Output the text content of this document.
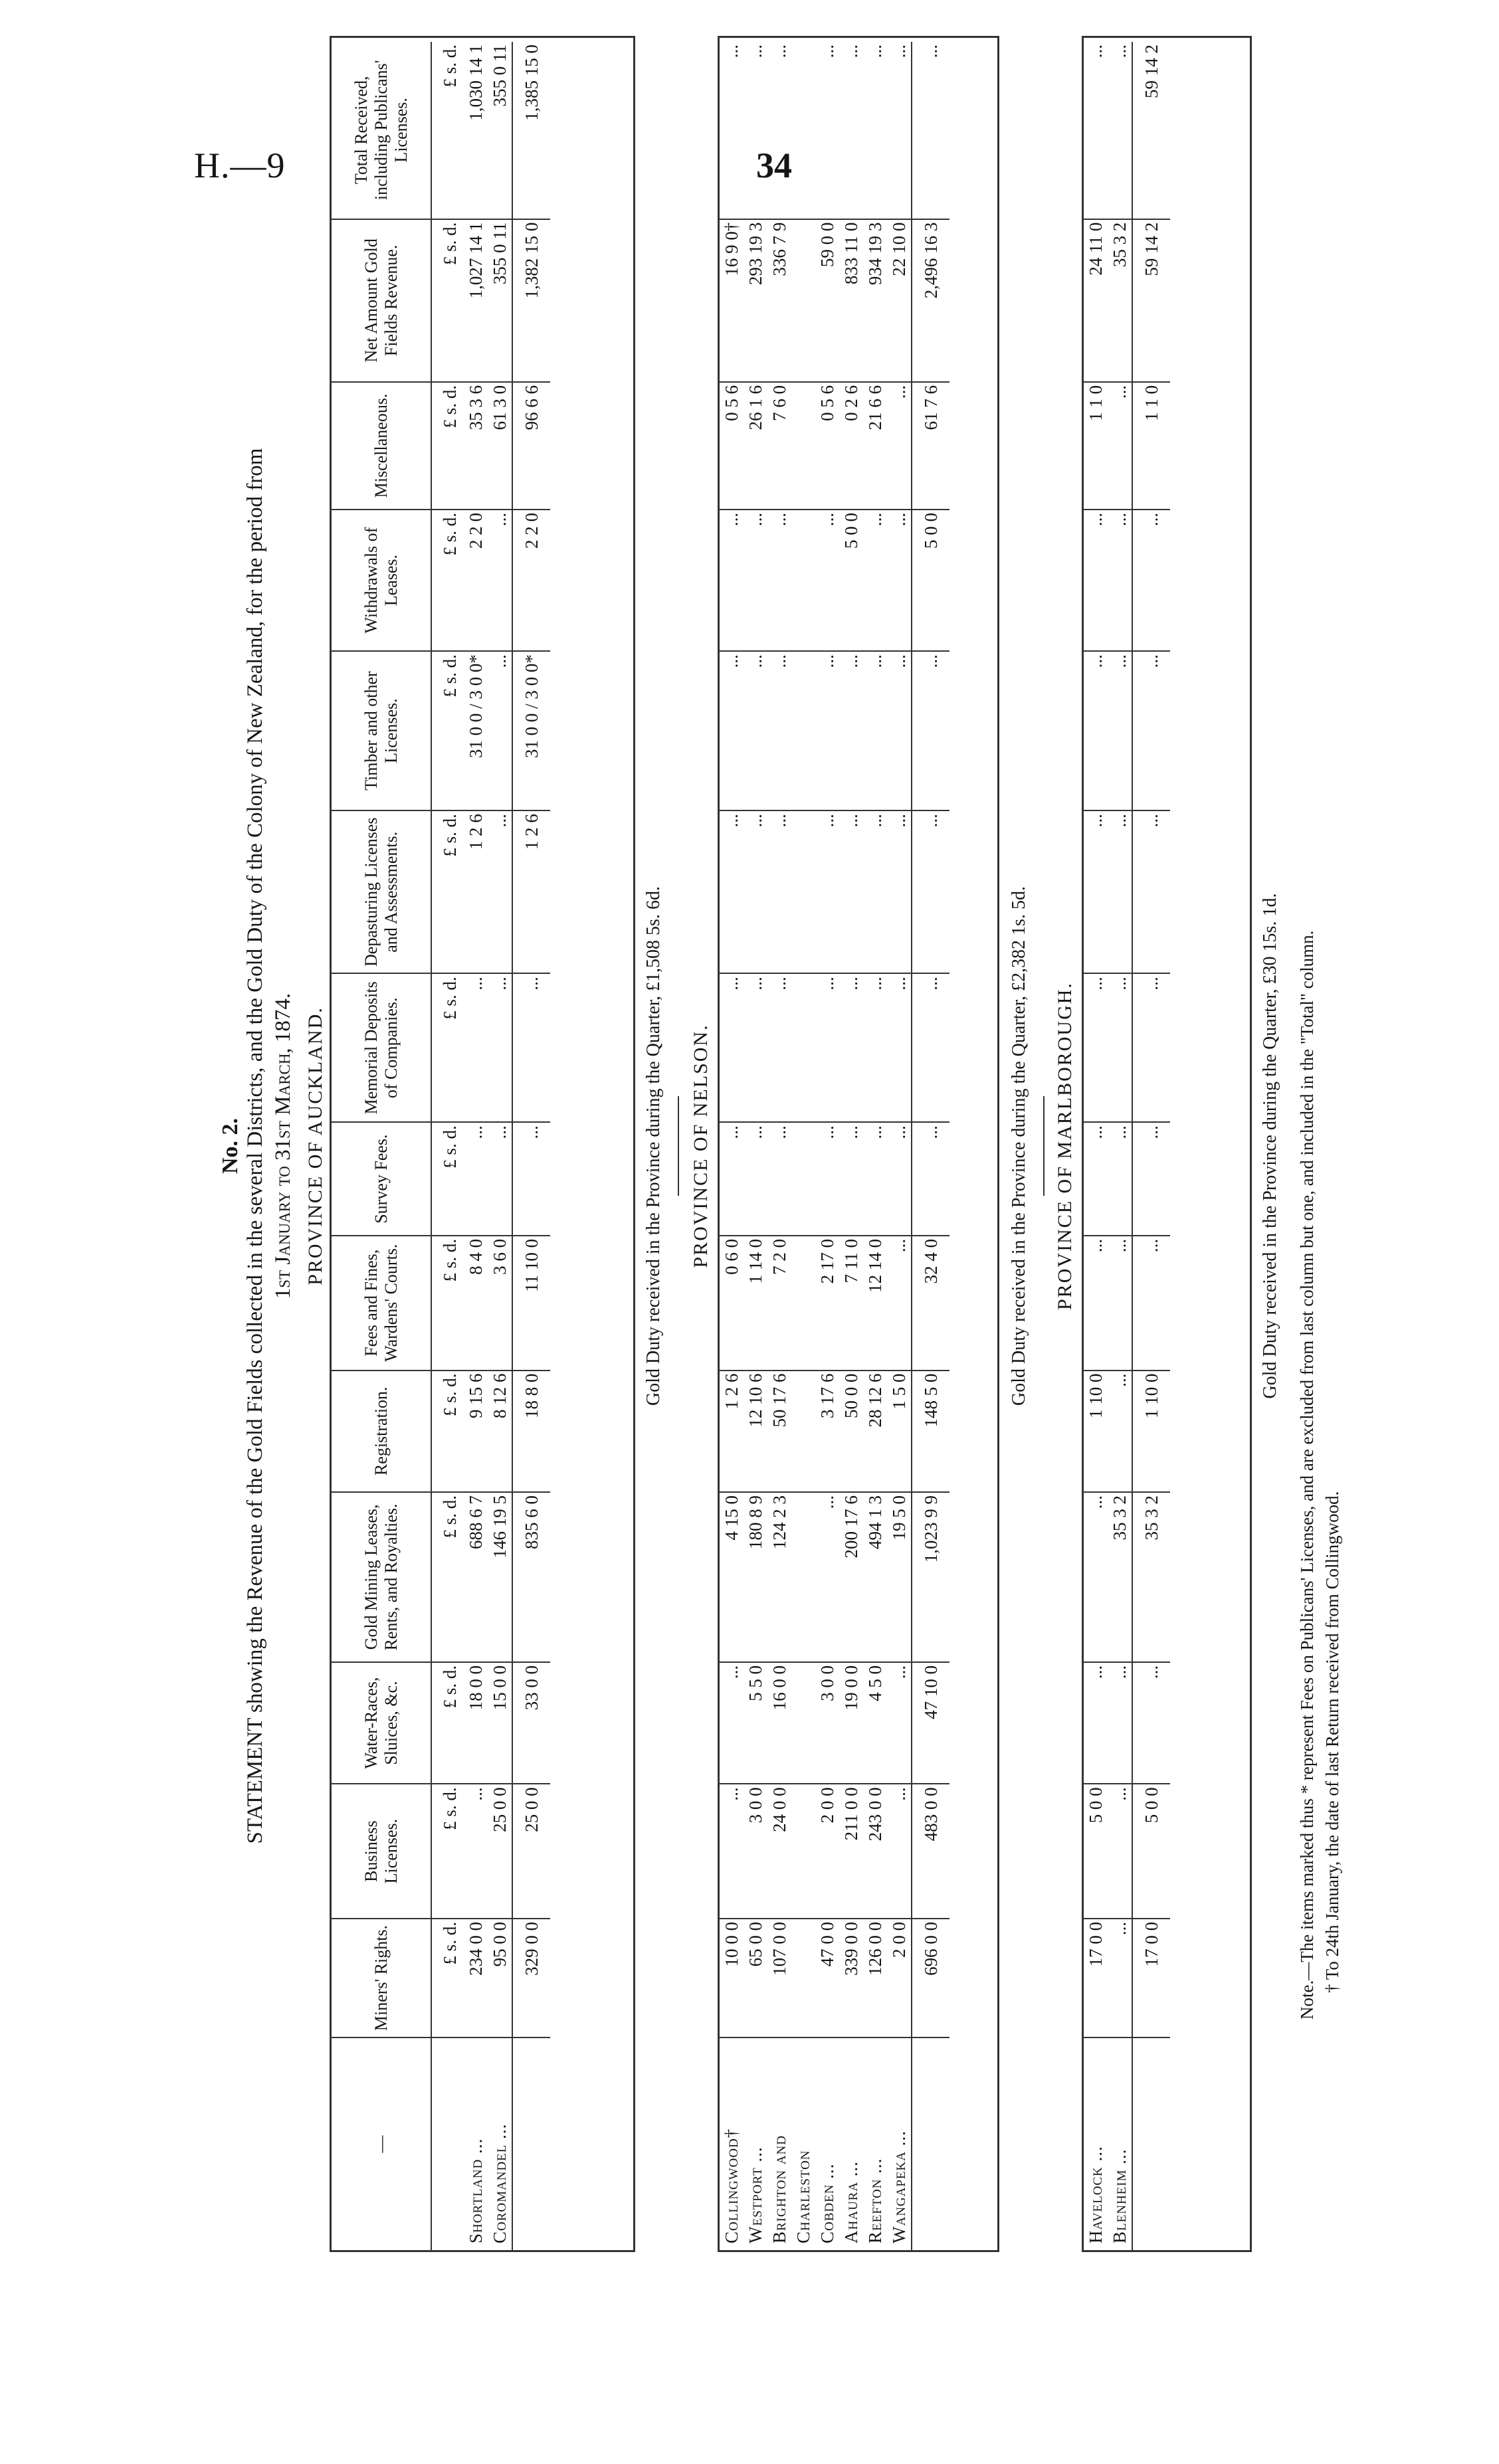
H.—9	34
No. 2. STATEMENT showing the Revenue of the Gold Fields collected in the several Districts, and the Gold Duty of the Colony of New Zealand, for the period from 1st January to 31st March, 1874. PROVINCE OF AUCKLAND.
—	Miners' Rights.	Business Licenses.	Water-Races, Sluices, &c.	Gold Mining Leases, Rents, and Royalties.	Registration.	Fees and Fines, Wardens' Courts.	Survey Fees.	Memorial Deposits of Companies.	Depasturing Licenses and Assessments.	Timber and other Licenses.	Withdrawals of Leases.	Miscellaneous.	Net Amount Gold Fields Revenue.	Total Received, including Publicans' Licenses.
	£ s. d.	£ s. d.	£ s. d.	£ s. d.	£ s. d.	£ s. d.	£ s. d.	£ s. d.	£ s. d.	£ s. d.	£ s. d.	£ s. d.	£ s. d.	£ s. d.
Shortland ...	234 0 0	...	18 0 0	688 6 7	9 15 6	8 4 0	...	...	1 2 6	31 0 0 / 3 0 0*	2 2 0	35 3 6	1,027 14 1	1,030 14 1
Coromandel ...	95 0 0	25 0 0	15 0 0	146 19 5	8 12 6	3 6 0	...	...	...	...	...	61 3 0	355 0 11	355 0 11

	329 0 0	25 0 0	33 0 0	835 6 0	18 8 0	11 10 0	...	...	1 2 6	31 0 0 / 3 0 0*	2 2 0	96 6 6	1,382 15 0	1,385 15 0
Gold Duty received in the Province during the Quarter, £1,508 5s. 6d. PROVINCE OF NELSON.
Collingwood†	10 0 0	...	...	4 15 0	1 2 6	0 6 0	...	...	...	...	...	0 5 6	16 9 0†	...
Westport ...	65 0 0	3 0 0	5 5 0	180 8 9	12 10 6	1 14 0	...	...	...	...	...	26 1 6	293 19 3	...
Brighton and	107 0 0	24 0 0	16 0 0	124 2 3	50 17 6	7 2 0	...	...	...	...	...	7 6 0	336 7 9	...
Charleston														
Cobden ...	47 0 0	2 0 0	3 0 0	...	3 17 6	2 17 0	...	...	...	...	...	0 5 6	59 0 0	...
Ahaura ...	339 0 0	211 0 0	19 0 0	200 17 6	50 0 0	7 11 0	...	...	...	...	5 0 0	0 2 6	833 11 0	...
Reefton ...	126 0 0	243 0 0	4 5 0	494 1 3	28 12 6	12 14 0	...	...	...	...	...	21 6 6	934 19 3	...
Wangapeka ...	2 0 0	...	...	19 5 0	1 5 0	...	...	...	...	...	...	...	22 10 0	...
	696 0 0	483 0 0	47 10 0	1,023 9 9	148 5 0	32 4 0	...	...	...	...	5 0 0	61 7 6	2,496 16 3	...
Gold Duty received in the Province during the Quarter, £2,382 1s. 5d. PROVINCE OF MARLBOROUGH.
Havelock ...	17 0 0	5 0 0	...	...	1 10 0	...	...	...	...	...	...	1 1 0	24 11 0	...
Blenheim ...	...	...	...	35 3 2	...	...	...	...	...	...	...	...	35 3 2	...

	17 0 0	5 0 0	...	35 3 2	1 10 0	...	...	...	...	...	...	1 1 0	59 14 2	59 14 2
Gold Duty received in the Province during the Quarter, £30 15s. 1d. Note.—The items marked thus * represent Fees on Publicans' Licenses, and are excluded from last column but one, and included in the "Total" column. † To 24th January, the date of last Return received from Collingwood.
